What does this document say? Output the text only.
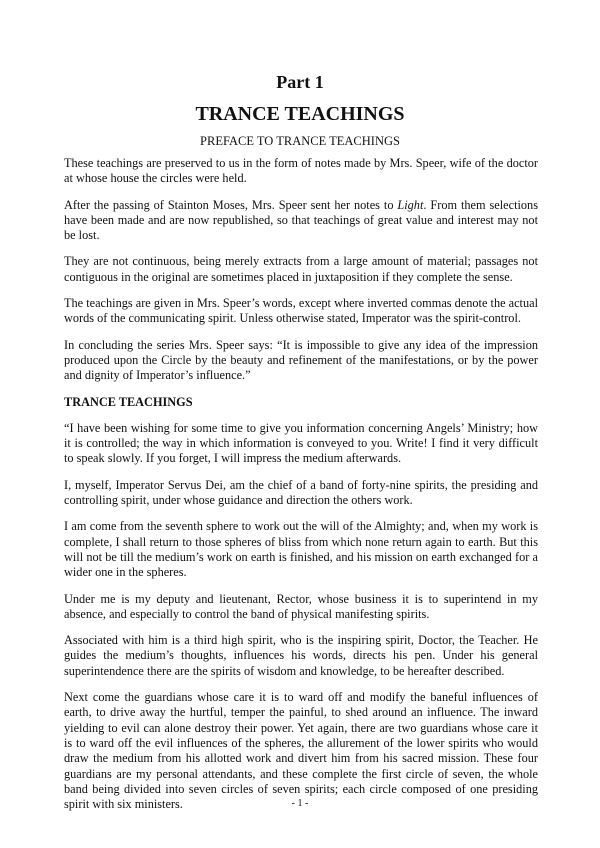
Part 1
TRANCE TEACHINGS
PREFACE TO TRANCE TEACHINGS

These teachings are preserved to us in the form of notes made by Mrs. Speer, wife of the doctor at whose house the circles were held.

After the passing of Stainton Moses, Mrs. Speer sent her notes to Light. From them selections have been made and are now republished, so that teachings of great value and interest may not be lost.

They are not continuous, being merely extracts from a large amount of material; passages not contiguous in the original are sometimes placed in juxtaposition if they complete the sense.

The teachings are given in Mrs. Speer’s words, except where inverted commas denote the actual words of the communicating spirit. Unless otherwise stated, Imperator was the spirit-control.

In concluding the series Mrs. Speer says: “It is impossible to give any idea of the impression produced upon the Circle by the beauty and refinement of the manifestations, or by the power and dignity of Imperator’s influence.”

TRANCE TEACHINGS

“I have been wishing for some time to give you information concerning Angels’ Ministry; how it is controlled; the way in which information is conveyed to you. Write! I find it very difficult to speak slowly. If you forget, I will impress the medium afterwards.

I, myself, Imperator Servus Dei, am the chief of a band of forty-nine spirits, the presiding and controlling spirit, under whose guidance and direction the others work.

I am come from the seventh sphere to work out the will of the Almighty; and, when my work is complete, I shall return to those spheres of bliss from which none return again to earth. But this will not be till the medium’s work on earth is finished, and his mission on earth exchanged for a wider one in the spheres.

Under me is my deputy and lieutenant, Rector, whose business it is to superintend in my absence, and especially to control the band of physical manifesting spirits.

Associated with him is a third high spirit, who is the inspiring spirit, Doctor, the Teacher. He guides the medium’s thoughts, influences his words, directs his pen. Under his general superintendence there are the spirits of wisdom and knowledge, to be hereafter described.

Next come the guardians whose care it is to ward off and modify the baneful influences of earth, to drive away the hurtful, temper the painful, to shed around an influence. The inward yielding to evil can alone destroy their power. Yet again, there are two guardians whose care it is to ward off the evil influences of the spheres, the allurement of the lower spirits who would draw the medium from his allotted work and divert him from his sacred mission. These four guardians are my personal attendants, and these complete the first circle of seven, the whole band being divided into seven circles of seven spirits; each circle composed of one presiding spirit with six ministers.	- 1 -
